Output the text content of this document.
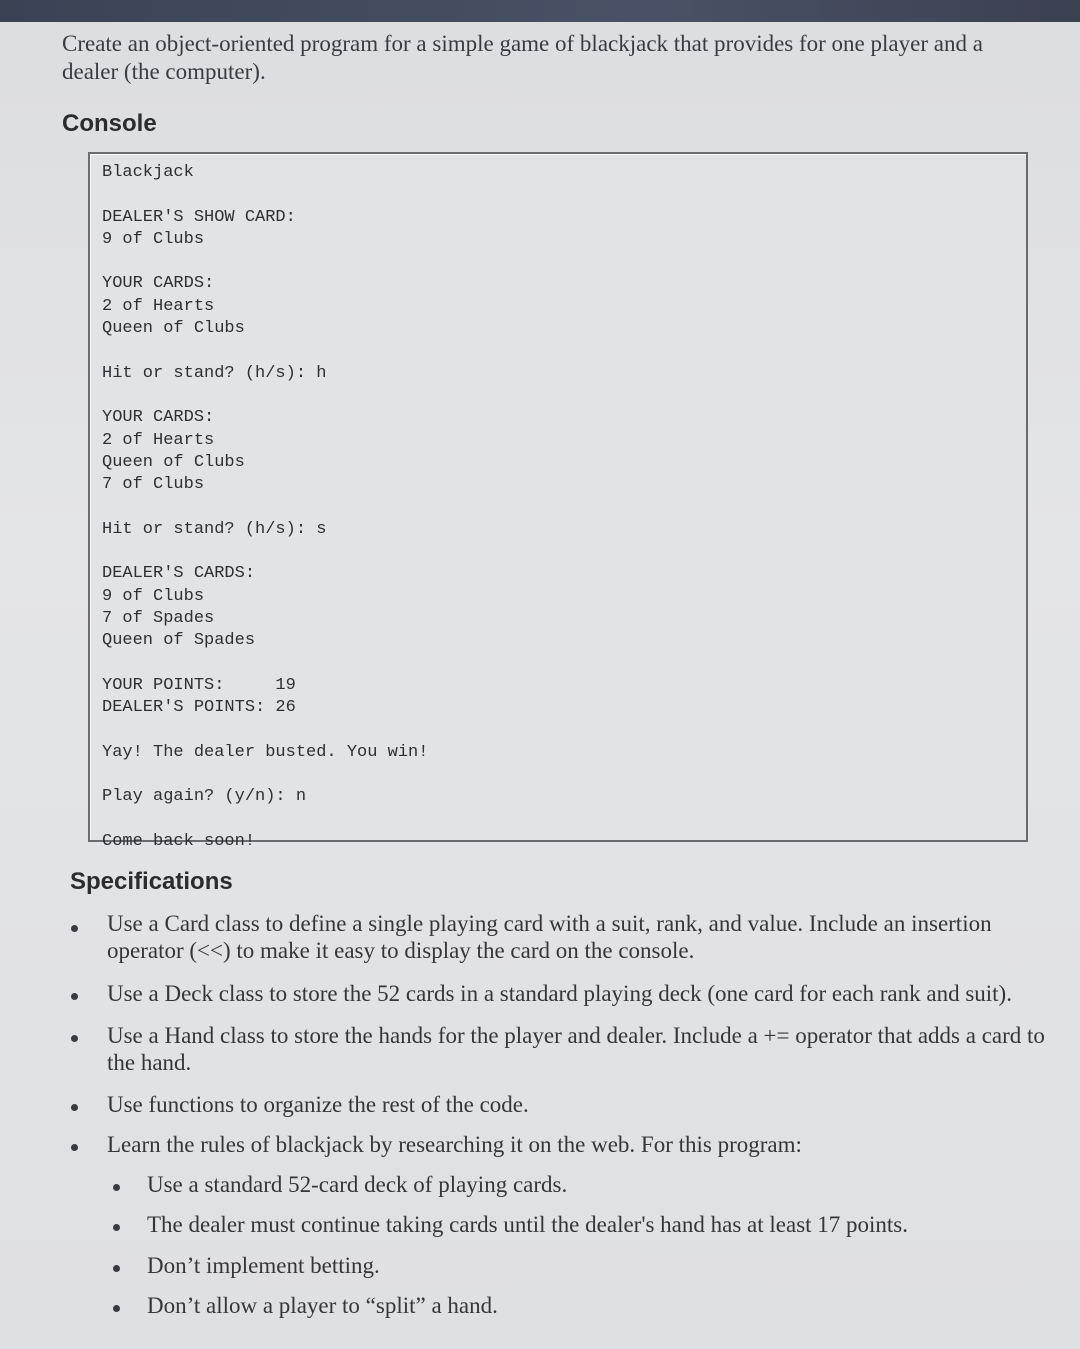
Create an object-oriented program for a simple game of blackjack that provides for one player and a dealer (the computer).
Console
Blackjack
DEALER'S SHOW CARD:
9 of Clubs
YOUR CARDS:
2 of Hearts
Queen of Clubs
Hit or stand? (h/s): h
YOUR CARDS:
2 of Hearts
Queen of Clubs
7 of Clubs
Hit or stand? (h/s): s
DEALER'S CARDS:
9 of Clubs
7 of Spades
Queen of Spades
YOUR POINTS:     19
DEALER'S POINTS: 26
Yay! The dealer busted. You win!
Play again? (y/n): n
Come back soon!
Specifications
Use a Card class to define a single playing card with a suit, rank, and value. Include an insertion operator (<<) to make it easy to display the card on the console.
Use a Deck class to store the 52 cards in a standard playing deck (one card for each rank and suit).
Use a Hand class to store the hands for the player and dealer. Include a += operator that adds a card to the hand.
Use functions to organize the rest of the code.
Learn the rules of blackjack by researching it on the web. For this program:
Use a standard 52-card deck of playing cards.
The dealer must continue taking cards until the dealer's hand has at least 17 points.
Don’t implement betting.
Don’t allow a player to “split” a hand.
